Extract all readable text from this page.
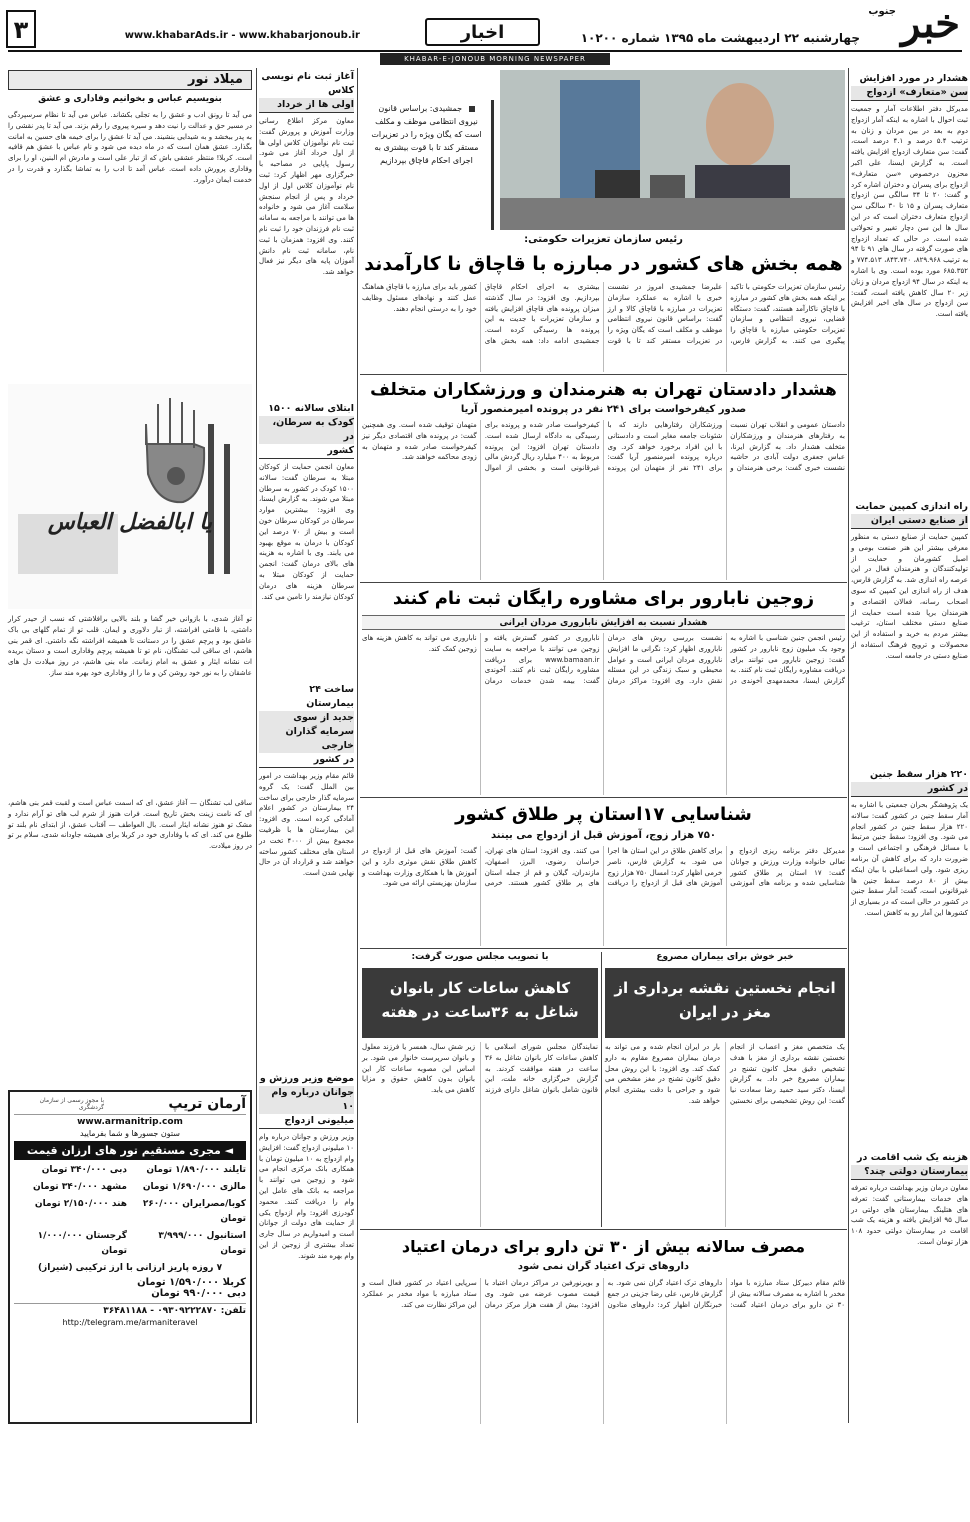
جنوب خبر
چهارشنبه ۲۲ اردیبهشت ماه ۱۳۹۵ شماره ۱۰۲۰۰
اخبار
www.khabarAds.ir - www.khabarjonoub.ir
۳
KHABAR-E-JONOUB MORNING NEWSPAPER
هشدار در مورد افزایش
سن «متعارف» ازدواج
مدیرکل دفتر اطلاعات آمار و جمعیت ثبت احوال با اشاره به اینکه آمار ازدواج دوم به بعد در بین مردان و زنان به ترتیب ۵.۴ درصد و ۴.۱ درصد است، گفت: سن متعارف ازدواج افزایش یافته است. به گزارش ایسنا، علی اکبر محزون درخصوص «سن متعارف» ازدواج برای پسران و دختران اشاره کرد و گفت: ۲۰ تا ۳۴ سالگی سن ازدواج متعارف پسران و ۱۵ تا ۳۰ سالگی سن ازدواج متعارف دختران است که در این سال ها این سن دچار تغییر و تحولاتی شده است. در حالی که تعداد ازدواج های صورت گرفته در سال های ۹۱ تا ۹۴ به ترتیب ۸۲۹.۹۶۸، ۸۴۳.۷۴۰، ۷۷۴.۵۱۳ و ۶۸۵.۳۵۲ مورد بوده است. وی با اشاره به اینکه در سال ۹۴ ازدواج مردان و زنان زیر ۲۰ سال کاهش یافته است، گفت: سن ازدواج در سال های اخیر افزایش یافته است.
راه اندازی کمپین حمایت
از صنایع دستی ایران
کمپین حمایت از صنایع دستی به منظور معرفی بیشتر این هنر صنعت بومی و اصیل کشورمان و حمایت از تولیدکنندگان و هنرمندان فعال در این عرصه راه اندازی شد. به گزارش فارس، هدف از راه اندازی این کمپین که سوی اصحاب رسانه، فعالان اقتصادی و هنرمندان برپا شده است حمایت از صنایع دستی مختلف استان، ترغیب بیشتر مردم به خرید و استفاده از این محصولات و ترویج فرهنگ استفاده از صنایع دستی در جامعه است.
۲۲۰ هزار سقط جنین
در کشور
یک پژوهشگر بحران جمعیتی با اشاره به آمار سقط جنین در کشور گفت: سالانه ۲۲۰ هزار سقط جنین در کشور انجام می شود. وی افزود: سقط جنین مرتبط با مسائل فرهنگی و اجتماعی است و ضرورت دارد که برای کاهش آن برنامه ریزی شود. ولی اسماعیلی با بیان اینکه بیش از ۸۰ درصد سقط جنین ها غیرقانونی است، گفت: آمار سقط جنین در کشور در حالی است که در بسیاری از کشورها این آمار رو به کاهش است.
هزینه یک شب اقامت در
بیمارستان دولتی چند؟
معاون درمان وزیر بهداشت درباره تعرفه های خدمات بیمارستانی گفت: تعرفه های هتلینگ بیمارستان های دولتی در سال ۹۵ افزایش یافته و هزینه یک شب اقامت در بیمارستان دولتی حدود ۱۰۸ هزار تومان است.
جمشیدی: براساس قانون نیروی انتظامی موظف و مکلف است که یگان ویژه را در تعزیرات مستقر کند تا با قوت بیشتری به اجرای احکام قاچاق بپردازیم
رئیس سازمان تعزیرات حکومتی:
همه بخش های کشور در مبارزه با قاچاق نا کارآمدند
رئیس سازمان تعزیرات حکومتی با تاکید بر اینکه همه بخش های کشور در مبارزه با قاچاق ناکارآمد هستند، گفت: دستگاه قضایی، نیروی انتظامی و سازمان تعزیرات حکومتی مبارزه با قاچاق را پیگیری می کنند. به گزارش فارس، علیرضا جمشیدی امروز در نشست خبری با اشاره به عملکرد سازمان تعزیرات در مبارزه با قاچاق کالا و ارز گفت: براساس قانون نیروی انتظامی موظف و مکلف است که یگان ویژه را در تعزیرات مستقر کند تا با قوت بیشتری به اجرای احکام قاچاق بپردازیم. وی افزود: در سال گذشته میزان پرونده های قاچاق افزایش یافته و سازمان تعزیرات با جدیت به این پرونده ها رسیدگی کرده است. جمشیدی ادامه داد: همه بخش های کشور باید برای مبارزه با قاچاق هماهنگ عمل کنند و نهادهای مسئول وظایف خود را به درستی انجام دهند.
هشدار دادستان تهران به هنرمندان و ورزشکاران متخلف
صدور کیفرخواست برای ۲۴۱ نفر در پرونده امیرمنصور آریا
دادستان عمومی و انقلاب تهران نسبت به رفتارهای هنرمندان و ورزشکاران متخلف هشدار داد. به گزارش ایرنا، عباس جعفری دولت آبادی در حاشیه نشست خبری گفت: برخی هنرمندان و ورزشکاران رفتارهایی دارند که با شئونات جامعه مغایر است و دادستانی با این افراد برخورد خواهد کرد. وی درباره پرونده امیرمنصور آریا گفت: برای ۲۴۱ نفر از متهمان این پرونده کیفرخواست صادر شده و پرونده برای رسیدگی به دادگاه ارسال شده است. دادستان تهران افزود: این پرونده مربوط به ۴۰۰ میلیارد ریال گردش مالی غیرقانونی است و بخشی از اموال متهمان توقیف شده است. وی همچنین گفت: در پرونده های اقتصادی دیگر نیز کیفرخواست صادر شده و متهمان به زودی محاکمه خواهند شد.
زوجین نابارور برای مشاوره رایگان ثبت نام کنند
هشدار نسبت به افزایش ناباروری مردان ایرانی
رئیس انجمن جنین شناسی با اشاره به وجود یک میلیون زوج نابارور در کشور گفت: زوجین نابارور می توانند برای دریافت مشاوره رایگان ثبت نام کنند. به گزارش ایسنا، محمدمهدی آخوندی در نشست بررسی روش های درمان ناباروری اظهار کرد: نگرانی ما افزایش ناباروری مردان ایرانی است و عوامل محیطی و سبک زندگی در این مسئله نقش دارد. وی افزود: مراکز درمان ناباروری در کشور گسترش یافته و زوجین می توانند با مراجعه به سایت www.bamaan.ir برای دریافت مشاوره رایگان ثبت نام کنند. آخوندی گفت: بیمه شدن خدمات درمان ناباروری می تواند به کاهش هزینه های زوجین کمک کند.
شناسایی ۱۷استان پر طلاق کشور
۷۵۰ هزار زوج، آموزش قبل از ازدواج می بینند
مدیرکل دفتر برنامه ریزی ازدواج و تعالی خانواده وزارت ورزش و جوانان گفت: ۱۷ استان پر طلاق کشور شناسایی شده و برنامه های آموزشی برای کاهش طلاق در این استان ها اجرا می شود. به گزارش فارس، ناصر خرمی اظهار کرد: امسال ۷۵۰ هزار زوج آموزش های قبل از ازدواج را دریافت می کنند. وی افزود: استان های تهران، خراسان رضوی، البرز، اصفهان، مازندران، گیلان و قم از جمله استان های پر طلاق کشور هستند. خرمی گفت: آموزش های قبل از ازدواج در کاهش طلاق نقش موثری دارد و این آموزش ها با همکاری وزارت بهداشت و سازمان بهزیستی ارائه می شود.
خبر خوش برای بیماران مصروع
انجام نخستین نقشه برداری از مغز در ایران
یک متخصص مغز و اعصاب از انجام نخستین نقشه برداری از مغز با هدف تشخیص دقیق محل کانون تشنج در بیماران مصروع خبر داد. به گزارش ایسنا، دکتر سید حمید رضا سعادت نیا گفت: این روش تشخیصی برای نخستین بار در ایران انجام شده و می تواند به درمان بیماران مصروع مقاوم به دارو کمک کند. وی افزود: با این روش محل دقیق کانون تشنج در مغز مشخص می شود و جراحی با دقت بیشتری انجام خواهد شد.
با تصویب مجلس صورت گرفت:
کاهش ساعات کار بانوان شاغل به ۳۶ساعت در هفته
نمایندگان مجلس شورای اسلامی با کاهش ساعات کار بانوان شاغل به ۳۶ ساعت در هفته موافقت کردند. به گزارش خبرگزاری خانه ملت، این قانون شامل بانوان شاغل دارای فرزند زیر شش سال، همسر یا فرزند معلول و بانوان سرپرست خانوار می شود. بر اساس این مصوبه ساعات کار این بانوان بدون کاهش حقوق و مزایا کاهش می یابد.
مصرف سالانه بیش از ۳۰ تن دارو برای درمان اعتیاد
داروهای ترک اعتیاد گران نمی شود
قائم مقام دبیرکل ستاد مبارزه با مواد مخدر با اشاره به مصرف سالانه بیش از ۳۰ تن دارو برای درمان اعتیاد گفت: داروهای ترک اعتیاد گران نمی شود. به گزارش فارس، علی رضا جزینی در جمع خبرنگاران اظهار کرد: داروهای متادون و بوپرنورفین در مراکز درمان اعتیاد با قیمت مصوب عرضه می شود. وی افزود: بیش از هفت هزار مرکز درمان سرپایی اعتیاد در کشور فعال است و ستاد مبارزه با مواد مخدر بر عملکرد این مراکز نظارت می کند.
آغاز ثبت نام نویسی کلاس
اولی ها از خرداد
معاون مرکز اطلاع رسانی وزارت آموزش و پرورش گفت: ثبت نام نوآموزان کلاس اولی ها از اول خرداد آغاز می شود. رسول پاپایی در مصاحبه با خبرگزاری مهر اظهار کرد: ثبت نام نوآموزان کلاس اول از اول خرداد و پس از انجام سنجش سلامت آغاز می شود و خانواده ها می توانند با مراجعه به سامانه ثبت نام فرزندان خود را ثبت نام کنند. وی افزود: همزمان با ثبت نام، سامانه ثبت نام دانش آموزان پایه های دیگر نیز فعال خواهد شد.
ابتلای سالانه ۱۵۰۰
کودک به سرطان، در
کشور
معاون انجمن حمایت از کودکان مبتلا به سرطان گفت: سالانه ۱۵۰۰ کودک در کشور به سرطان مبتلا می شوند. به گزارش ایسنا، وی افزود: بیشترین موارد سرطان در کودکان سرطان خون است و بیش از ۷۰ درصد این کودکان با درمان به موقع بهبود می یابند. وی با اشاره به هزینه های بالای درمان گفت: انجمن حمایت از کودکان مبتلا به سرطان هزینه های درمان کودکان نیازمند را تامین می کند.
ساخت ۲۴ بیمارستان
جدید از سوی
سرمایه گذاران خارجی
در کشور
قائم مقام وزیر بهداشت در امور بین الملل گفت: یک گروه سرمایه گذار خارجی برای ساخت ۲۴ بیمارستان در کشور اعلام آمادگی کرده است. وی افزود: این بیمارستان ها با ظرفیت مجموع بیش از ۴۰۰۰ تخت در استان های مختلف کشور ساخته خواهند شد و قرارداد آن در حال نهایی شدن است.
موضع وزیر ورزش و
جوانان درباره وام ۱۰
میلیونی ازدواج
وزیر ورزش و جوانان درباره وام ۱۰ میلیونی ازدواج گفت: افزایش وام ازدواج به ۱۰ میلیون تومان با همکاری بانک مرکزی انجام می شود و زوجین می توانند با مراجعه به بانک های عامل این وام را دریافت کنند. محمود گودرزی افزود: وام ازدواج یکی از حمایت های دولت از جوانان است و امیدواریم در سال جاری تعداد بیشتری از زوجین از این وام بهره مند شوند.
میلاد نور
بنویسیم عباس و بخوانیم وفاداری و عشق
می آید تا رونق ادب و عشق را به تجلی بکشاند. عباس می آید تا نظام سرسپردگی در مسیر حق و عدالت را نیت دهد و سیره پیروی را رقم بزند. می آید تا پدر نقشی را به پدر ببخشد و به شیدایی بنشیند. می آید تا عشق را برای خیمه های حسین به امانت بگذارد. عشق همان است که در ماه دیده می شود و نام عباس با عشق هم قافیه است. کربلا! منتظر عشقی باش که از تبار علی است و مادرش ام البنین، او را برای وفاداری پرورش داده است. عباس آمد تا ادب را به تماشا بگذارد و قدرت را در خدمت ایمان درآورد.
یا ابالفضل العباس
تو آغاز شدی، با بازوانی خیر گشا و بلند بالایی برافلاشتی که نسب از حیدر کرار داشتی، با قامتی افراشته، از تبار دلاوری و ایمان. قلب تو از تمام گلهای بی باک عاشق بود و پرچم عشق را در دستانت تا همیشه افراشته نگه داشتی. ای قمر بنی هاشم، ای ساقی لب تشنگان، نام تو تا همیشه پرچم وفاداری است و دستان بریده ات نشانه ایثار و عشق به امام زمانت. ماه بنی هاشم، در روز میلادت دل های عاشقان را به نور خود روشن کن و ما را از وفاداری خود بهره مند ساز.
ساقی لب تشنگان — آغاز عشق، ای که اسمت عباس است و لقبت قمر بنی هاشم، ای که نامت زینت بخش تاریخ است. فرات هنوز از شرم لب های تو آرام ندارد و مشک تو هنوز نشانه ایثار است. بال العواطف — آفتاب عشق، از ابتدای نام بلند تو طلوع می کند. ای که با وفاداری خود در کربلا برای همیشه جاودانه شدی، سلام بر تو در روز میلادت.
آرمان تریپ
با مجوز رسمی از سازمان گردشگری
www.armanitrip.com
ستون جسورها و شما بفرمایید
◄ مجری مستقیم تور های ارزان قیمت
تایلند ۱/۸۹۰/۰۰۰ تومان
دبی ۳۴۰/۰۰۰ تومان
مالزی ۱/۶۹۰/۰۰۰ تومان
مشهد ۳۴۰/۰۰۰ تومان
کوبا/مصرایران ۲۶۰/۰۰۰ تومان
هند ۲/۱۵۰/۰۰۰ تومان
استانبول ۳/۹۹۹/۰۰۰ تومان
گرجستان ۱/۰۰۰/۰۰۰ تومان
۷ روزه پاریز ارزانی با ارز ترکیبی (شیراز)
کربلا ۱/۵۹۰/۰۰۰ تومان
دبی ۹۹۰/۰۰۰ تومان
تلفن: ۰۹۳۰۹۲۲۲۸۷۰ - ۳۶۴۸۱۱۸۸
http://telegram.me/armaniteravel
